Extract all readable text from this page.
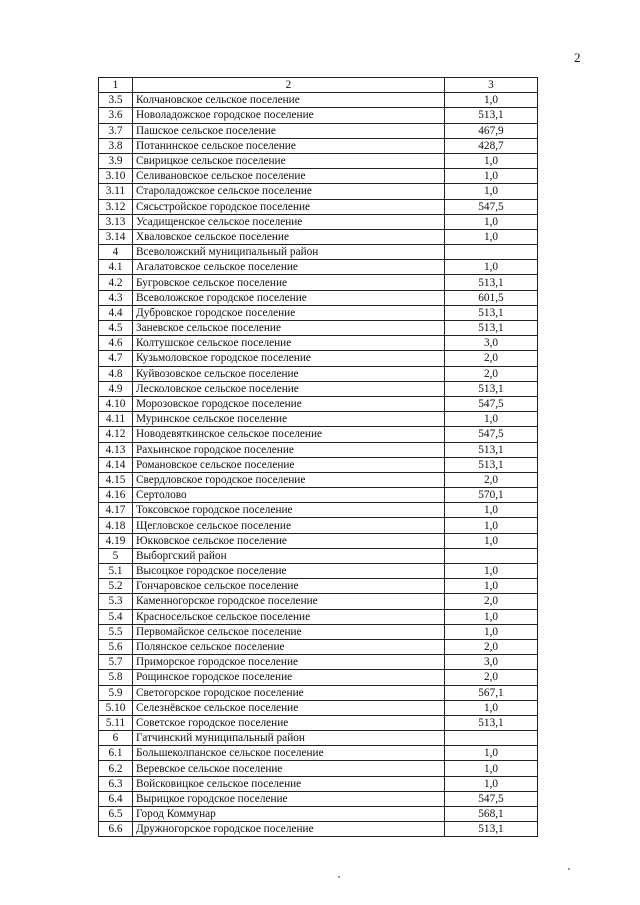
2
1	2	3
3.5	Колчановское сельское поселение	1,0
3.6	Новоладожское городское поселение	513,1
3.7	Пашское сельское поселение	467,9
3.8	Потанинское сельское поселение	428,7
3.9	Свирицкое сельское поселение	1,0
3.10	Селивановское сельское поселение	1,0
3.11	Староладожское сельское поселение	1,0
3.12	Сясьстройское городское поселение	547,5
3.13	Усадищенское сельское поселение	1,0
3.14	Хваловское сельское поселение	1,0
4	Всеволожский муниципальный район	
4.1	Агалатовское сельское поселение	1,0
4.2	Бугровское сельское поселение	513,1
4.3	Всеволожское городское поселение	601,5
4.4	Дубровское городское поселение	513,1
4.5	Заневское сельское поселение	513,1
4.6	Колтушское сельское поселение	3,0
4.7	Кузьмоловское городское поселение	2,0
4.8	Куйвозовское сельское поселение	2,0
4.9	Лесколовское сельское поселение	513,1
4.10	Морозовское городское поселение	547,5
4.11	Муринское сельское поселение	1,0
4.12	Новодевяткинское сельское поселение	547,5
4.13	Рахьинское городское поселение	513,1
4.14	Романовское сельское поселение	513,1
4.15	Свердловское городское поселение	2,0
4.16	Сертолово	570,1
4.17	Токсовское городское поселение	1,0
4.18	Щегловское сельское поселение	1,0
4.19	Юкковское сельское поселение	1,0
5	Выборгский район	
5.1	Высоцкое городское поселение	1,0
5.2	Гончаровское сельское поселение	1,0
5.3	Каменногорское городское поселение	2,0
5.4	Красносельское сельское поселение	1,0
5.5	Первомайское сельское поселение	1,0
5.6	Полянское сельское поселение	2,0
5.7	Приморское городское поселение	3,0
5.8	Рощинское городское поселение	2,0
5.9	Светогорское городское поселение	567,1
5.10	Селезнёвское сельское поселение	1,0
5.11	Советское городское поселение	513,1
6	Гатчинский муниципальный район	
6.1	Большеколпанское сельское поселение	1,0
6.2	Веревское сельское поселение	1,0
6.3	Войсковицкое сельское поселение	1,0
6.4	Вырицкое городское поселение	547,5
6.5	Город Коммунар	568,1
6.6	Дружногорское городское поселение	513,1
